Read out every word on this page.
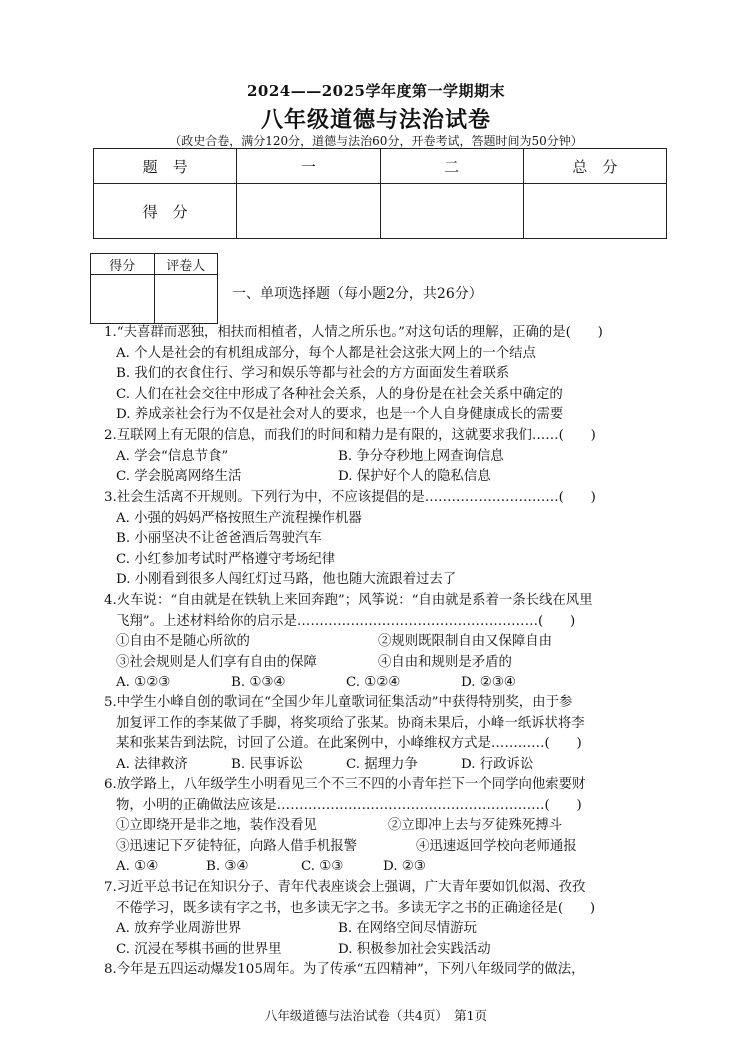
2024——2025学年度第一学期期末
八年级道德与法治试卷
（政史合卷，满分120分，道德与法治60分，开卷考试，答题时间为50分钟）
题　号	一	二	总　分
得　分			
得分	评卷人

一、单项选择题（每小题2分，共26分）
1.“夫喜群而恶独，相扶而相植者，人情之所乐也。”对这句话的理解，正确的是(　　)
A. 个人是社会的有机组成部分，每个人都是社会这张大网上的一个结点
B. 我们的衣食住行、学习和娱乐等都与社会的方方面面发生着联系
C. 人们在社会交往中形成了各种社会关系，人的身份是在社会关系中确定的
D. 养成亲社会行为不仅是社会对人的要求，也是一个人自身健康成长的需要
2.互联网上有无限的信息，而我们的时间和精力是有限的，这就要求我们……(　　)
A. 学会“信息节食”	B. 争分夺秒地上网查询信息
C. 学会脱离网络生活	D. 保护好个人的隐私信息
3.社会生活离不开规则。下列行为中，不应该提倡的是…………………………(　　)
A. 小强的妈妈严格按照生产流程操作机器
B. 小丽坚决不让爸爸酒后驾驶汽车
C. 小红参加考试时严格遵守考场纪律
D. 小刚看到很多人闯红灯过马路，他也随大流跟着过去了
4.火车说：“自由就是在铁轨上来回奔跑”；风筝说：“自由就是系着一条长线在风里
飞翔”。上述材料给你的启示是………………………………………………(　　)
①自由不是随心所欲的	②规则既限制自由又保障自由
③社会规则是人们享有自由的保障	④自由和规则是矛盾的
A. ①②③	B. ①③④	C. ①②④	D. ②③④
5.中学生小峰自创的歌词在“全国少年儿童歌词征集活动”中获得特别奖，由于参
加复评工作的李某做了手脚，将奖项给了张某。协商未果后，小峰一纸诉状将李
某和张某告到法院，讨回了公道。在此案例中，小峰维权方式是…………(　　)
A. 法律救济	B. 民事诉讼	C. 据理力争	D. 行政诉讼
6.放学路上，八年级学生小明看见三个不三不四的小青年拦下一个同学向他索要财
物，小明的正确做法应该是……………………………………………………(　　)
①立即绕开是非之地，装作没看见	②立即冲上去与歹徒殊死搏斗
③迅速记下歹徒特征，向路人借手机报警	④迅速返回学校向老师通报
A. ①④	B. ③④	C. ①③	D. ②③
7.习近平总书记在知识分子、青年代表座谈会上强调，广大青年要如饥似渴、孜孜
不倦学习，既多读有字之书，也多读无字之书。多读无字之书的正确途径是(　　)
A. 放弃学业周游世界	B. 在网络空间尽情游玩
C. 沉浸在琴棋书画的世界里	D. 积极参加社会实践活动
8.今年是五四运动爆发105周年。为了传承“五四精神”，下列八年级同学的做法，
八年级道德与法治试卷（共4页）　第1页
